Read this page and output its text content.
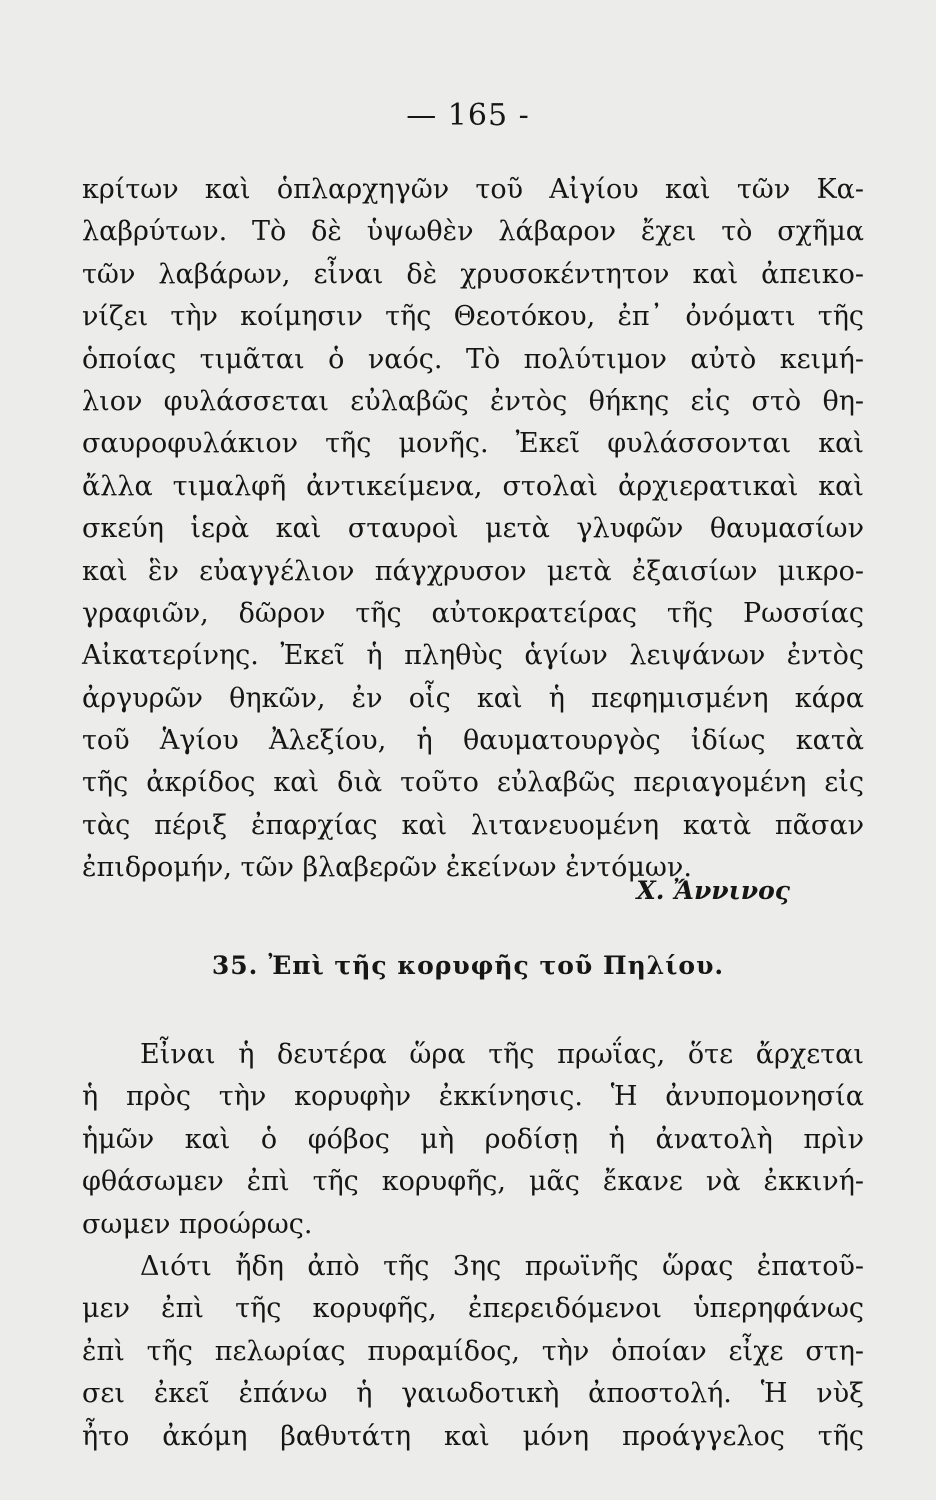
— 165 -
κρίτων καὶ ὁπλαρχηγῶν τοῦ Αἰγίου καὶ τῶν Κα-
λαβρύτων. Τὸ δὲ ὑψωθὲν λάβαρον ἔχει τὸ σχῆμα
τῶν λαβάρων, εἶναι δὲ χρυσοκέντητον καὶ ἀπεικο-
νίζει τὴν κοίμησιν τῆς Θεοτόκου, ἐπ᾿ ὀνόματι τῆς
ὁποίας τιμᾶται ὁ ναός. Τὸ πολύτιμον αὐτὸ κειμή-
λιον φυλάσσεται εὐλαβῶς ἐντὸς θήκης εἰς στὸ θη-
σαυροφυλάκιον τῆς μονῆς. Ἐκεῖ φυλάσσονται καὶ
ἄλλα τιμαλφῆ ἀντικείμενα, στολαὶ ἀρχιερατικαὶ καὶ
σκεύη ἱερὰ καὶ σταυροὶ μετὰ γλυφῶν θαυμασίων
καὶ ἓν εὐαγγέλιον πάγχρυσον μετὰ ἐξαισίων μικρο-
γραφιῶν, δῶρον τῆς αὐτοκρατείρας τῆς Ρωσσίας
Αἰκατερίνης. Ἐκεῖ ἡ πληθὺς ἁγίων λειψάνων ἐντὸς
ἀργυρῶν θηκῶν, ἐν οἷς καὶ ἡ πεφημισμένη κάρα
τοῦ Ἁγίου Ἀλεξίου, ἡ θαυματουργὸς ἰδίως κατὰ
τῆς ἀκρίδος καὶ διὰ τοῦτο εὐλαβῶς περιαγομένη εἰς
τὰς πέριξ ἐπαρχίας καὶ λιτανευομένη κατὰ πᾶσαν
ἐπιδρομήν, τῶν βλαβερῶν ἐκείνων ἐντόμων.
Χ. Ἄννινος
35. Ἐπὶ τῆς κορυφῆς τοῦ Πηλίου.
Εἶναι ἡ δευτέρα ὥρα τῆς πρωΐας, ὅτε ἄρχεται
ἡ πρὸς τὴν κορυφὴν ἐκκίνησις. Ἡ ἀνυπομονησία
ἡμῶν καὶ ὁ φόβος μὴ ροδίσῃ ἡ ἀνατολὴ πρὶν
φθάσωμεν ἐπὶ τῆς κορυφῆς, μᾶς ἔκανε νὰ ἐκκινή-
σωμεν προώρως.
Διότι ἤδη ἀπὸ τῆς 3ης πρωϊνῆς ὥρας ἐπατοῦ-
μεν ἐπὶ τῆς κορυφῆς, ἐπερειδόμενοι ὑπερηφάνως
ἐπὶ τῆς πελωρίας πυραμίδος, τὴν ὁποίαν εἶχε στη-
σει ἐκεῖ ἐπάνω ἡ γαιωδοτικὴ ἀποστολή. Ἡ νὺξ
ἦτο ἀκόμη βαθυτάτη καὶ μόνη προάγγελος τῆς
